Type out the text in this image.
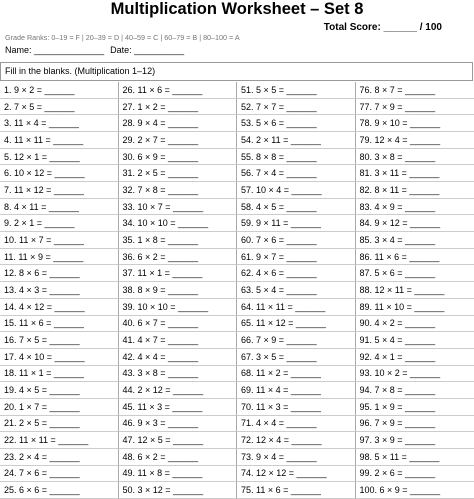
Multiplication Worksheet – Set 8
Total Score: ______ / 100
Grade Ranks: 0–19 = F | 20–39 = D | 40–59 = C | 60–79 = B | 80–100 = A
Name: ______________ Date: __________
Fill in the blanks. (Multiplication 1–12)
1. 9 × 2 = ______
2. 7 × 5 = ______
3. 11 × 4 = ______
4. 11 × 11 = ______
5. 12 × 1 = ______
6. 10 × 12 = ______
7. 11 × 12 = ______
8. 4 × 11 = ______
9. 2 × 1 = ______
10. 11 × 7 = ______
11. 11 × 9 = ______
12. 8 × 6 = ______
13. 4 × 3 = ______
14. 4 × 12 = ______
15. 11 × 6 = ______
16. 7 × 5 = ______
17. 4 × 10 = ______
18. 11 × 1 = ______
19. 4 × 5 = ______
20. 1 × 7 = ______
21. 2 × 5 = ______
22. 11 × 11 = ______
23. 2 × 4 = ______
24. 7 × 6 = ______
25. 6 × 6 = ______
26. 11 × 6 = ______
27. 1 × 2 = ______
28. 9 × 4 = ______
29. 2 × 7 = ______
30. 6 × 9 = ______
31. 2 × 5 = ______
32. 7 × 8 = ______
33. 10 × 7 = ______
34. 10 × 10 = ______
35. 1 × 8 = ______
36. 6 × 2 = ______
37. 11 × 1 = ______
38. 8 × 9 = ______
39. 10 × 10 = ______
40. 6 × 7 = ______
41. 4 × 7 = ______
42. 4 × 4 = ______
43. 3 × 8 = ______
44. 2 × 12 = ______
45. 11 × 3 = ______
46. 9 × 3 = ______
47. 12 × 5 = ______
48. 6 × 2 = ______
49. 11 × 8 = ______
50. 3 × 12 = ______
51. 5 × 5 = ______
52. 7 × 7 = ______
53. 5 × 6 = ______
54. 2 × 11 = ______
55. 8 × 8 = ______
56. 7 × 4 = ______
57. 10 × 4 = ______
58. 4 × 5 = ______
59. 9 × 11 = ______
60. 7 × 6 = ______
61. 9 × 7 = ______
62. 4 × 6 = ______
63. 5 × 4 = ______
64. 11 × 11 = ______
65. 11 × 12 = ______
66. 7 × 9 = ______
67. 3 × 5 = ______
68. 11 × 2 = ______
69. 11 × 4 = ______
70. 11 × 3 = ______
71. 4 × 4 = ______
72. 12 × 4 = ______
73. 9 × 4 = ______
74. 12 × 12 = ______
75. 11 × 6 = ______
76. 8 × 7 = ______
77. 7 × 9 = ______
78. 9 × 10 = ______
79. 12 × 4 = ______
80. 3 × 8 = ______
81. 3 × 11 = ______
82. 8 × 11 = ______
83. 4 × 9 = ______
84. 9 × 12 = ______
85. 3 × 4 = ______
86. 11 × 6 = ______
87. 5 × 6 = ______
88. 12 × 11 = ______
89. 11 × 10 = ______
90. 4 × 2 = ______
91. 5 × 4 = ______
92. 4 × 1 = ______
93. 10 × 2 = ______
94. 7 × 8 = ______
95. 1 × 9 = ______
96. 7 × 9 = ______
97. 3 × 9 = ______
98. 5 × 11 = ______
99. 2 × 6 = ______
100. 6 × 9 = ______
